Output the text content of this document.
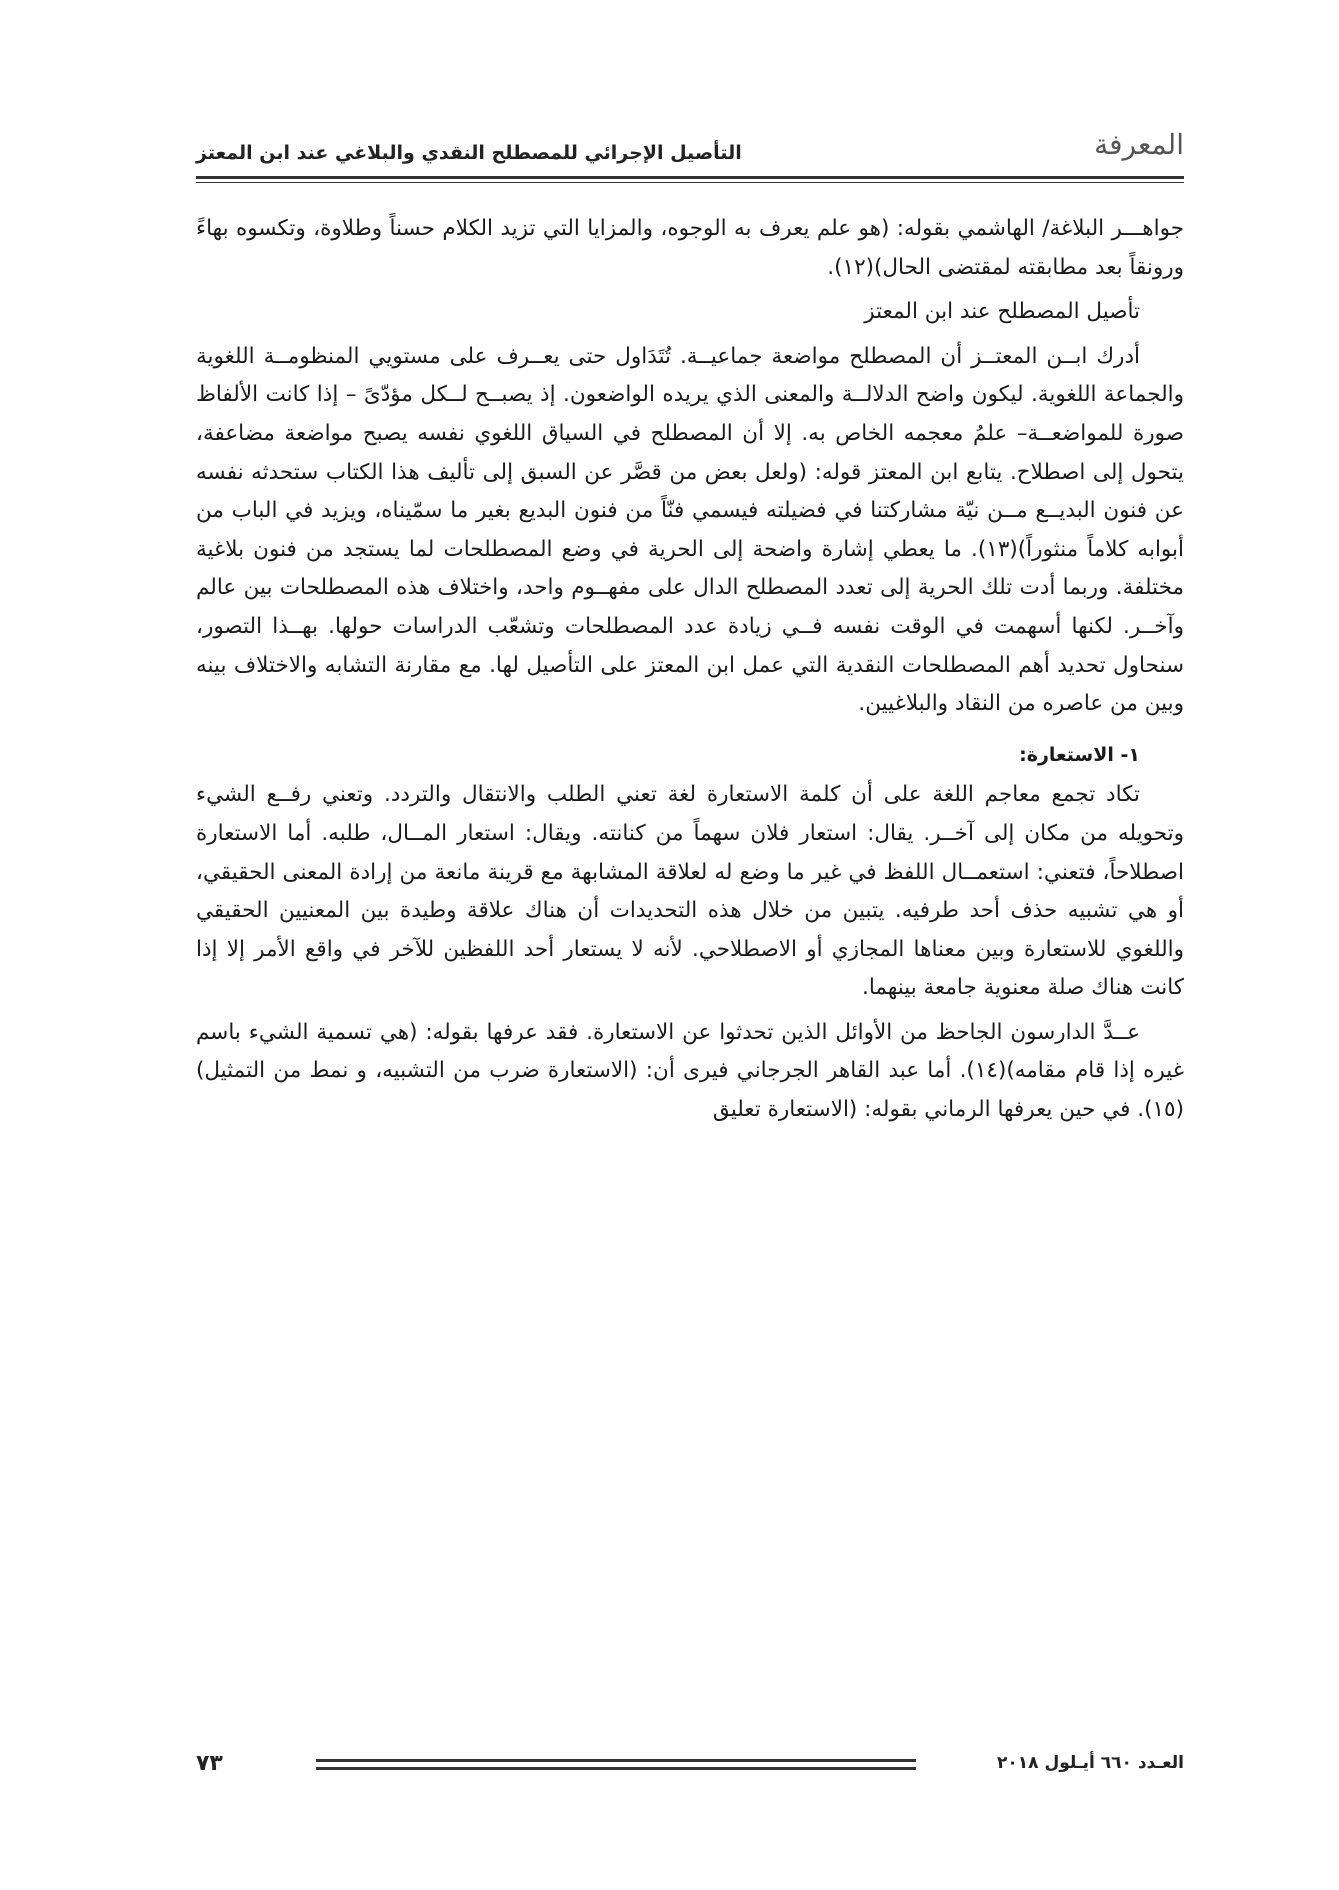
المعرفة
التأصيل الإجرائي للمصطلح النقدي والبلاغي عند ابن المعتز

جواهـــر البلاغة/ الهاشمي بقوله: (هو علم يعرف به الوجوه، والمزايا التي تزيد الكلام حسناً وطلاوة، وتكسوه بهاءً ورونقاً بعد مطابقته لمقتضى الحال)(١٢).

تأصيل المصطلح عند ابن المعتز

أدرك ابــن المعتــز أن المصطلح مواضعة جماعيــة. تُتَدَاول حتى يعــرف على مستويي المنظومــة اللغوية والجماعة اللغوية. ليكون واضح الدلالــة والمعنى الذي يريده الواضعون. إذ يصبــح لــكل مؤدّىً – إذا كانت الألفاظ صورة للمواضعــة– علمُ معجمه الخاص به. إلا أن المصطلح في السياق اللغوي نفسه يصبح مواضعة مضاعفة، يتحول إلى اصطلاح. يتابع ابن المعتز قوله: (ولعل بعض من قصَّر عن السبق إلى تأليف هذا الكتاب ستحدثه نفسه عن فنون البديــع مــن نيّة مشاركتنا في فضيلته فيسمي فنّاً من فنون البديع بغير ما سمّيناه، ويزيد في الباب من أبوابه كلاماً منثوراً)(١٣). ما يعطي إشارة واضحة إلى الحرية في وضع المصطلحات لما يستجد من فنون بلاغية مختلفة. وربما أدت تلك الحرية إلى تعدد المصطلح الدال على مفهــوم واحد، واختلاف هذه المصطلحات بين عالم وآخــر. لكنها أسهمت في الوقت نفسه فــي زيادة عدد المصطلحات وتشعّب الدراسات حولها. بهــذا التصور، سنحاول تحديد أهم المصطلحات النقدية التي عمل ابن المعتز على التأصيل لها. مع مقارنة التشابه والاختلاف بينه وبين من عاصره من النقاد والبلاغيين.

١- الاستعارة:

تكاد تجمع معاجم اللغة على أن كلمة الاستعارة لغة تعني الطلب والانتقال والتردد. وتعني رفــع الشيء وتحويله من مكان إلى آخــر. يقال: استعار فلان سهماً من كنانته. ويقال: استعار المــال، طلبه. أما الاستعارة اصطلاحاً، فتعني: استعمــال اللفظ في غير ما وضع له لعلاقة المشابهة مع قرينة مانعة من إرادة المعنى الحقيقي، أو هي تشبيه حذف أحد طرفيه. يتبين من خلال هذه التحديدات أن هناك علاقة وطيدة بين المعنيين الحقيقي واللغوي للاستعارة وبين معناها المجازي أو الاصطلاحي. لأنه لا يستعار أحد اللفظين للآخر في واقع الأمر إلا إذا كانت هناك صلة معنوية جامعة بينهما.

عــدَّ الدارسون الجاحظ من الأوائل الذين تحدثوا عن الاستعارة. فقد عرفها بقوله: (هي تسمية الشيء باسم غيره إذا قام مقامه)(١٤). أما عبد القاهر الجرجاني فيرى أن: (الاستعارة ضرب من التشبيه، و نمط من التمثيل)(١٥). في حين يعرفها الرماني بقوله: (الاستعارة تعليق

العـدد ٦٦٠ أيـلول ٢٠١٨
٧٣
